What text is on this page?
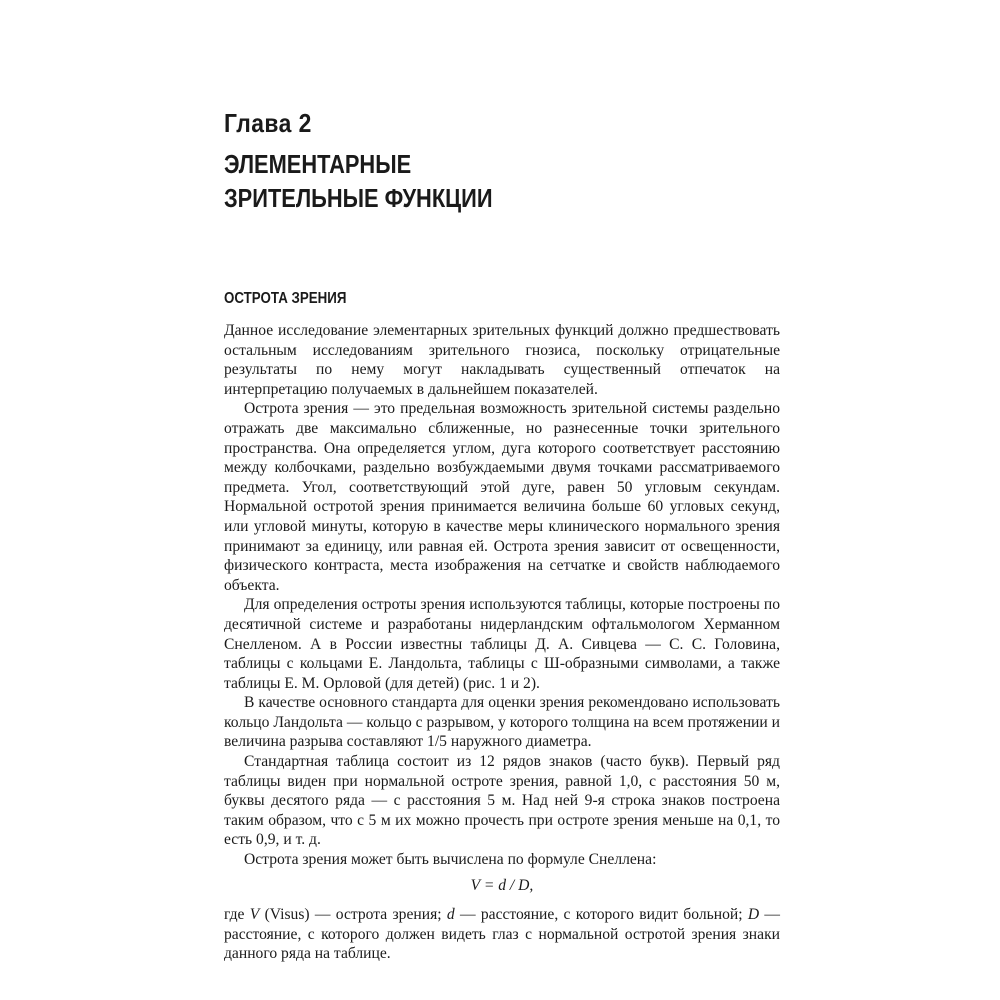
Глава 2
ЭЛЕМЕНТАРНЫЕ
ЗРИТЕЛЬНЫЕ ФУНКЦИИ
ОСТРОТА ЗРЕНИЯ

Данное исследование элементарных зрительных функций должно предшествовать остальным исследованиям зрительного гнозиса, поскольку отрицательные результаты по нему могут накладывать существенный отпечаток на интерпретацию получаемых в дальнейшем показателей.

Острота зрения — это предельная возможность зрительной системы раздельно отражать две максимально сближенные, но разнесенные точки зрительного пространства. Она определяется углом, дуга которого соответствует расстоянию между колбочками, раздельно возбуждаемыми двумя точками рассматриваемого предмета. Угол, соответствующий этой дуге, равен 50 угловым секундам. Нормальной остротой зрения принимается величина больше 60 угловых секунд, или угловой минуты, которую в качестве меры клинического нормального зрения принимают за единицу, или равная ей. Острота зрения зависит от освещенности, физического контраста, места изображения на сетчатке и свойств наблюдаемого объекта.

Для определения остроты зрения используются таблицы, которые построены по десятичной системе и разработаны нидерландским офтальмологом Херманном Снелленом. А в России известны таблицы Д. А. Сивцева — С. С. Головина, таблицы с кольцами Е. Ландольта, таблицы с Ш-образными символами, а также таблицы Е. М. Орловой (для детей) (рис. 1 и 2).

В качестве основного стандарта для оценки зрения рекомендовано использовать кольцо Ландольта — кольцо с разрывом, у которого толщина на всем протяжении и величина разрыва составляют 1/5 наружного диаметра.

Стандартная таблица состоит из 12 рядов знаков (часто букв). Первый ряд таблицы виден при нормальной остроте зрения, равной 1,0, с расстояния 50 м, буквы десятого ряда — с расстояния 5 м. Над ней 9-я строка знаков построена таким образом, что с 5 м их можно прочесть при остроте зрения меньше на 0,1, то есть 0,9, и т. д.

Острота зрения может быть вычислена по формуле Снеллена:

V = d / D,

где V (Visus) — острота зрения; d — расстояние, с которого видит больной; D — расстояние, с которого должен видеть глаз с нормальной остротой зрения знаки данного ряда на таблице.
